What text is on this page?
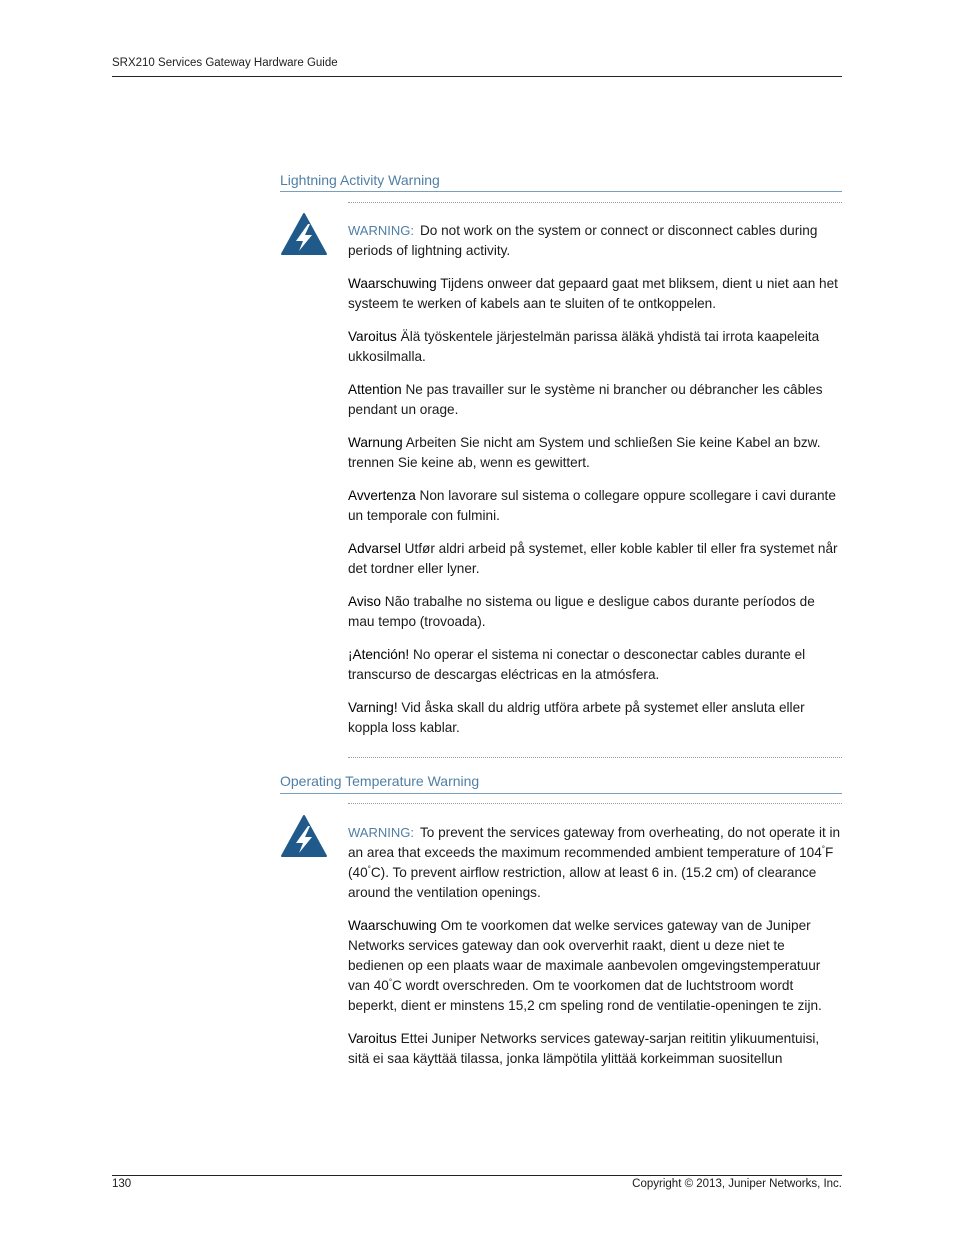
SRX210 Services Gateway Hardware Guide
Lightning Activity Warning

WARNING: Do not work on the system or connect or disconnect cables during periods of lightning activity.

Waarschuwing Tijdens onweer dat gepaard gaat met bliksem, dient u niet aan het systeem te werken of kabels aan te sluiten of te ontkoppelen.

Varoitus Älä työskentele järjestelmän parissa äläkä yhdistä tai irrota kaapeleita ukkosilmalla.

Attention Ne pas travailler sur le système ni brancher ou débrancher les câbles pendant un orage.

Warnung Arbeiten Sie nicht am System und schließen Sie keine Kabel an bzw. trennen Sie keine ab, wenn es gewittert.

Avvertenza Non lavorare sul sistema o collegare oppure scollegare i cavi durante un temporale con fulmini.

Advarsel Utfør aldri arbeid på systemet, eller koble kabler til eller fra systemet når det tordner eller lyner.

Aviso Não trabalhe no sistema ou ligue e desligue cabos durante períodos de mau tempo (trovoada).

¡Atención! No operar el sistema ni conectar o desconectar cables durante el transcurso de descargas eléctricas en la atmósfera.

Varning! Vid åska skall du aldrig utföra arbete på systemet eller ansluta eller koppla loss kablar.

Operating Temperature Warning

WARNING: To prevent the services gateway from overheating, do not operate it in an area that exceeds the maximum recommended ambient temperature of 104°F (40°C). To prevent airflow restriction, allow at least 6 in. (15.2 cm) of clearance around the ventilation openings.

Waarschuwing Om te voorkomen dat welke services gateway van de Juniper Networks services gateway dan ook oververhit raakt, dient u deze niet te bedienen op een plaats waar de maximale aanbevolen omgevingstemperatuur van 40°C wordt overschreden. Om te voorkomen dat de luchtstroom wordt beperkt, dient er minstens 15,2 cm speling rond de ventilatie-openingen te zijn.

Varoitus Ettei Juniper Networks services gateway-sarjan reititin ylikuumentuisi, sitä ei saa käyttää tilassa, jonka lämpötila ylittää korkeimman suositellun

130	Copyright © 2013, Juniper Networks, Inc.
